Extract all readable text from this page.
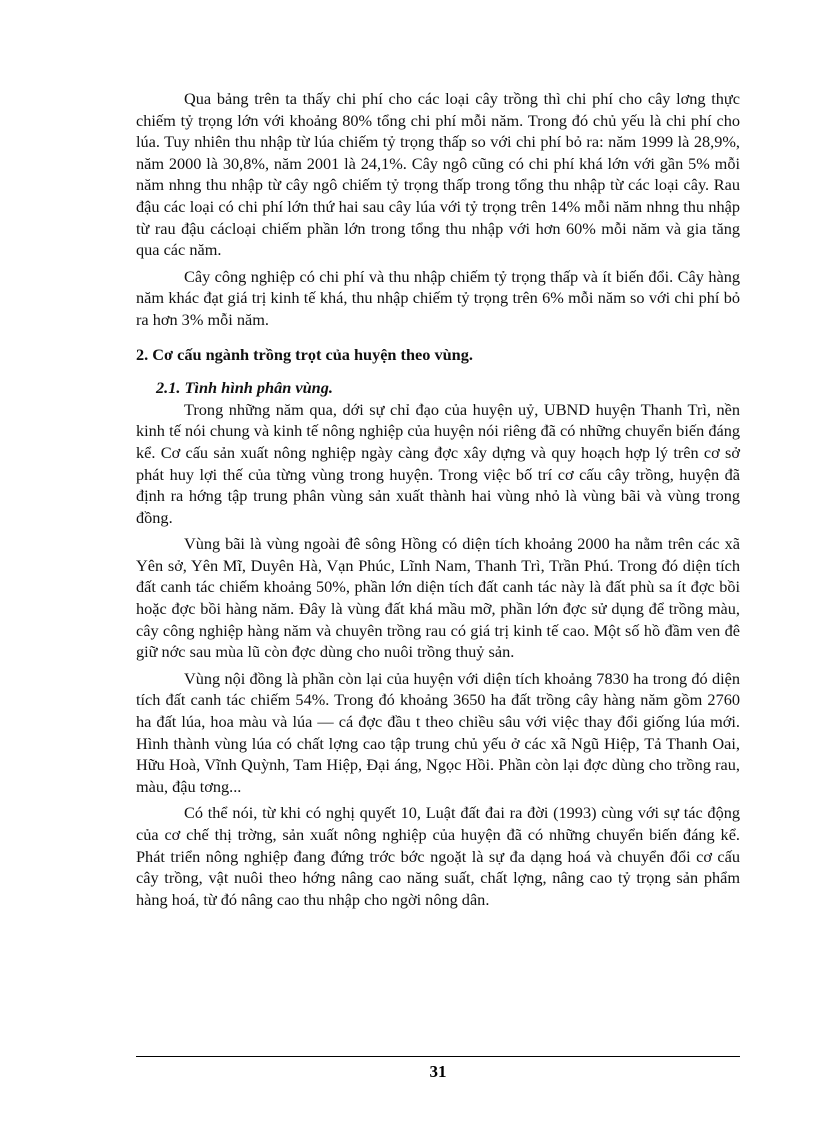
Qua bảng trên ta thấy chi phí cho các loại cây trồng thì chi phí cho cây lơng thực chiếm tỷ trọng lớn với khoảng 80% tổng chi phí mỗi năm. Trong đó chủ yếu là chi phí cho lúa. Tuy nhiên thu nhập từ lúa chiếm tỷ trọng thấp so với chi phí bỏ ra: năm 1999 là 28,9%, năm 2000 là 30,8%, năm 2001 là 24,1%. Cây ngô cũng có chi phí khá lớn với gần 5% mỗi năm nhng thu nhập từ cây ngô chiếm tỷ trọng thấp trong tổng thu nhập từ các loại cây. Rau đậu các loại có chi phí lớn thứ hai sau cây lúa với tỷ trọng trên 14% mỗi năm nhng thu nhập từ rau đậu cácloại chiếm phần lớn trong tổng thu nhập với hơn 60% mỗi năm và gia tăng qua các năm.

Cây công nghiệp có chi phí và thu nhập chiếm tỷ trọng thấp và ít biến đổi. Cây hàng năm khác đạt giá trị kinh tế khá, thu nhập chiếm tỷ trọng trên 6% mỗi năm so với chi phí bỏ ra hơn 3% mỗi năm.

2. Cơ cấu ngành trồng trọt của huyện theo vùng.
2.1. Tình hình phân vùng.

Trong những năm qua, dới sự chỉ đạo của huyện uỷ, UBND huyện Thanh Trì, nền kinh tế nói chung và kinh tế nông nghiệp của huyện nói riêng đã có những chuyển biến đáng kể. Cơ cấu sản xuất nông nghiệp ngày càng đợc xây dựng và quy hoạch hợp lý trên cơ sở phát huy lợi thế của từng vùng trong huyện. Trong việc bố trí cơ cấu cây trồng, huyện đã định ra hớng tập trung phân vùng sản xuất thành hai vùng nhỏ là vùng bãi và vùng trong đồng.

Vùng bãi là vùng ngoài đê sông Hồng có diện tích khoảng 2000 ha nằm trên các xã Yên sở, Yên Mĩ, Duyên Hà, Vạn Phúc, Lĩnh Nam, Thanh Trì, Trần Phú. Trong đó diện tích đất canh tác chiếm khoảng 50%, phần lớn diện tích đất canh tác này là đất phù sa ít đợc bồi hoặc đợc bồi hàng năm. Đây là vùng đất khá mầu mỡ, phần lớn đợc sử dụng để trồng màu, cây công nghiệp hàng năm và chuyên trồng rau có giá trị kinh tế cao. Một số hồ đầm ven đê giữ nớc sau mùa lũ còn đợc dùng cho nuôi trồng thuỷ sản.

Vùng nội đồng là phần còn lại của huyện với diện tích khoảng 7830 ha trong đó diện tích đất canh tác chiếm 54%. Trong đó khoảng 3650 ha đất trồng cây hàng năm gồm 2760 ha đất lúa, hoa màu và lúa — cá đợc đầu t theo chiều sâu với việc thay đổi giống lúa mới. Hình thành vùng lúa có chất lợng cao tập trung chủ yếu ở các xã Ngũ Hiệp, Tả Thanh Oai, Hữu Hoà, Vĩnh Quỳnh, Tam Hiệp, Đại áng, Ngọc Hồi. Phần còn lại đợc dùng cho trồng rau, màu, đậu tơng...

Có thể nói, từ khi có nghị quyết 10, Luật đất đai ra đời (1993) cùng với sự tác động của cơ chế thị trờng, sản xuất nông nghiệp của huyện đã có những chuyển biến đáng kể. Phát triển nông nghiệp đang đứng trớc bớc ngoặt là sự đa dạng hoá và chuyển đổi cơ cấu cây trồng, vật nuôi theo hớng nâng cao năng suất, chất lợng, nâng cao tỷ trọng sản phẩm hàng hoá, từ đó nâng cao thu nhập cho ngời nông dân.

31
